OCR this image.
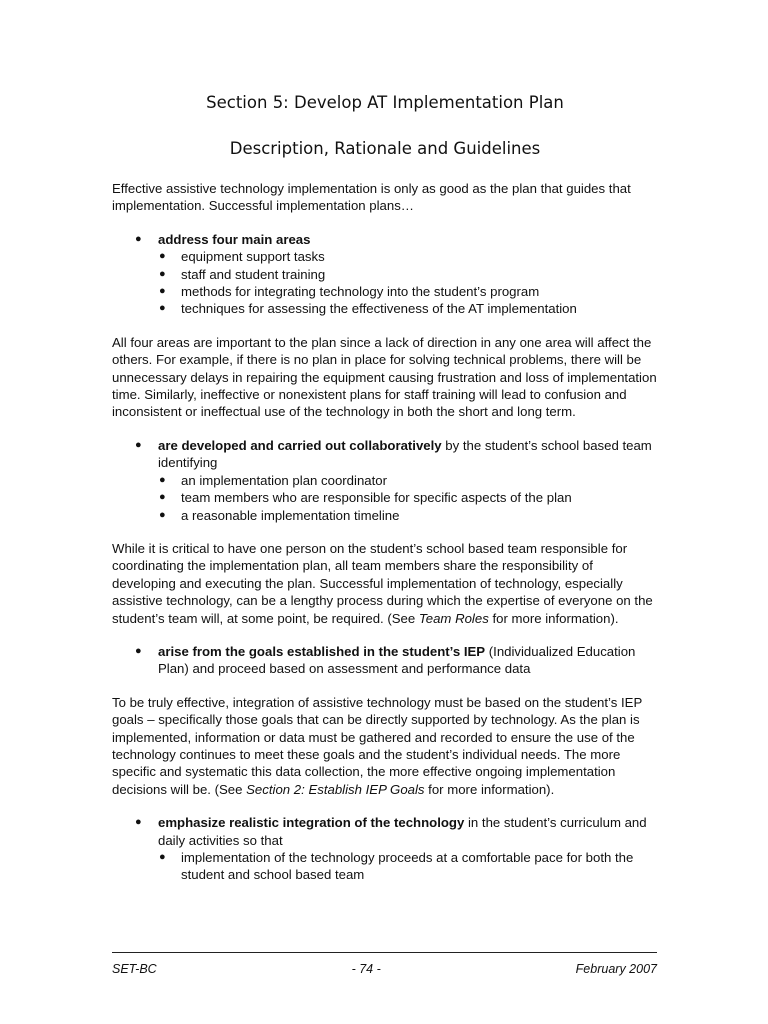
Section 5: Develop AT Implementation Plan
Description, Rationale and Guidelines

Effective assistive technology implementation is only as good as the plan that guides that implementation. Successful implementation plans…

● address four main areas
● equipment support tasks
● staff and student training
● methods for integrating technology into the student’s program
● techniques for assessing the effectiveness of the AT implementation

All four areas are important to the plan since a lack of direction in any one area will affect the others. For example, if there is no plan in place for solving technical problems, there will be unnecessary delays in repairing the equipment causing frustration and loss of implementation time. Similarly, ineffective or nonexistent plans for staff training will lead to confusion and inconsistent or ineffectual use of the technology in both the short and long term.

● are developed and carried out collaboratively by the student’s school based team identifying
● an implementation plan coordinator
● team members who are responsible for specific aspects of the plan
● a reasonable implementation timeline

While it is critical to have one person on the student’s school based team responsible for coordinating the implementation plan, all team members share the responsibility of developing and executing the plan. Successful implementation of technology, especially assistive technology, can be a lengthy process during which the expertise of everyone on the student’s team will, at some point, be required. (See Team Roles for more information).

● arise from the goals established in the student’s IEP (Individualized Education Plan) and proceed based on assessment and performance data

To be truly effective, integration of assistive technology must be based on the student’s IEP goals – specifically those goals that can be directly supported by technology. As the plan is implemented, information or data must be gathered and recorded to ensure the use of the technology continues to meet these goals and the student’s individual needs. The more specific and systematic this data collection, the more effective ongoing implementation decisions will be. (See Section 2: Establish IEP Goals for more information).

● emphasize realistic integration of the technology in the student’s curriculum and daily activities so that
● implementation of the technology proceeds at a comfortable pace for both the student and school based team
SET-BC	- 74 -	February 2007
